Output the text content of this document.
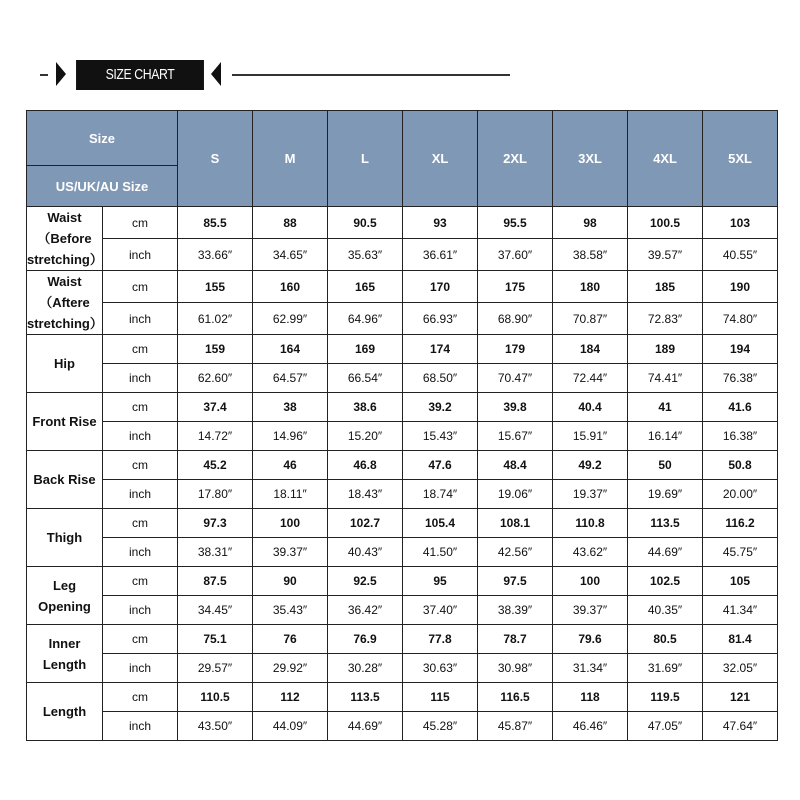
SIZE CHART
Size		S	M	L	XL	2XL	3XL	4XL	5XL
US/UK/AU Size									
Waist
（Before
stretching）	cm	85.5	88	90.5	93	95.5	98	100.5	103
	inch	33.66″	34.65″	35.63″	36.61″	37.60″	38.58″	39.57″	40.55″
Waist
（Aftere
stretching）	cm	155	160	165	170	175	180	185	190
	inch	61.02″	62.99″	64.96″	66.93″	68.90″	70.87″	72.83″	74.80″
Hip	cm	159	164	169	174	179	184	189	194
	inch	62.60″	64.57″	66.54″	68.50″	70.47″	72.44″	74.41″	76.38″
Front Rise	cm	37.4	38	38.6	39.2	39.8	40.4	41	41.6
	inch	14.72″	14.96″	15.20″	15.43″	15.67″	15.91″	16.14″	16.38″
Back Rise	cm	45.2	46	46.8	47.6	48.4	49.2	50	50.8
	inch	17.80″	18.11″	18.43″	18.74″	19.06″	19.37″	19.69″	20.00″
Thigh	cm	97.3	100	102.7	105.4	108.1	110.8	113.5	116.2
	inch	38.31″	39.37″	40.43″	41.50″	42.56″	43.62″	44.69″	45.75″
Leg
Opening	cm	87.5	90	92.5	95	97.5	100	102.5	105
	inch	34.45″	35.43″	36.42″	37.40″	38.39″	39.37″	40.35″	41.34″
Inner
Length	cm	75.1	76	76.9	77.8	78.7	79.6	80.5	81.4
	inch	29.57″	29.92″	30.28″	30.63″	30.98″	31.34″	31.69″	32.05″
Length	cm	110.5	112	113.5	115	116.5	118	119.5	121
	inch	43.50″	44.09″	44.69″	45.28″	45.87″	46.46″	47.05″	47.64″
